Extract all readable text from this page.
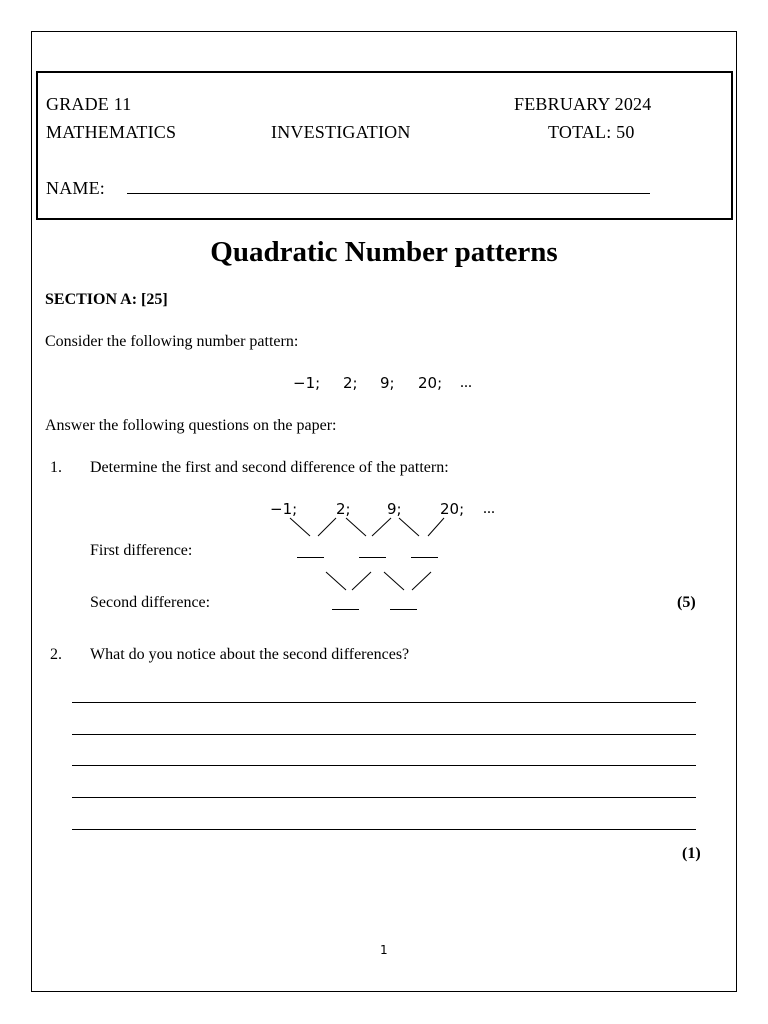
GRADE 11	FEBRUARY 2024
MATHEMATICS	INVESTIGATION	TOTAL: 50
NAME:
Quadratic Number patterns
SECTION A: [25]
Consider the following number pattern:
−1; 2; 9; 20; ...
Answer the following questions on the paper:
1. Determine the first and second difference of the pattern:
−1;	2; 9;	20; ...
First difference:
Second difference:	(5)
2. What do you notice about the second differences?
(1)
1
